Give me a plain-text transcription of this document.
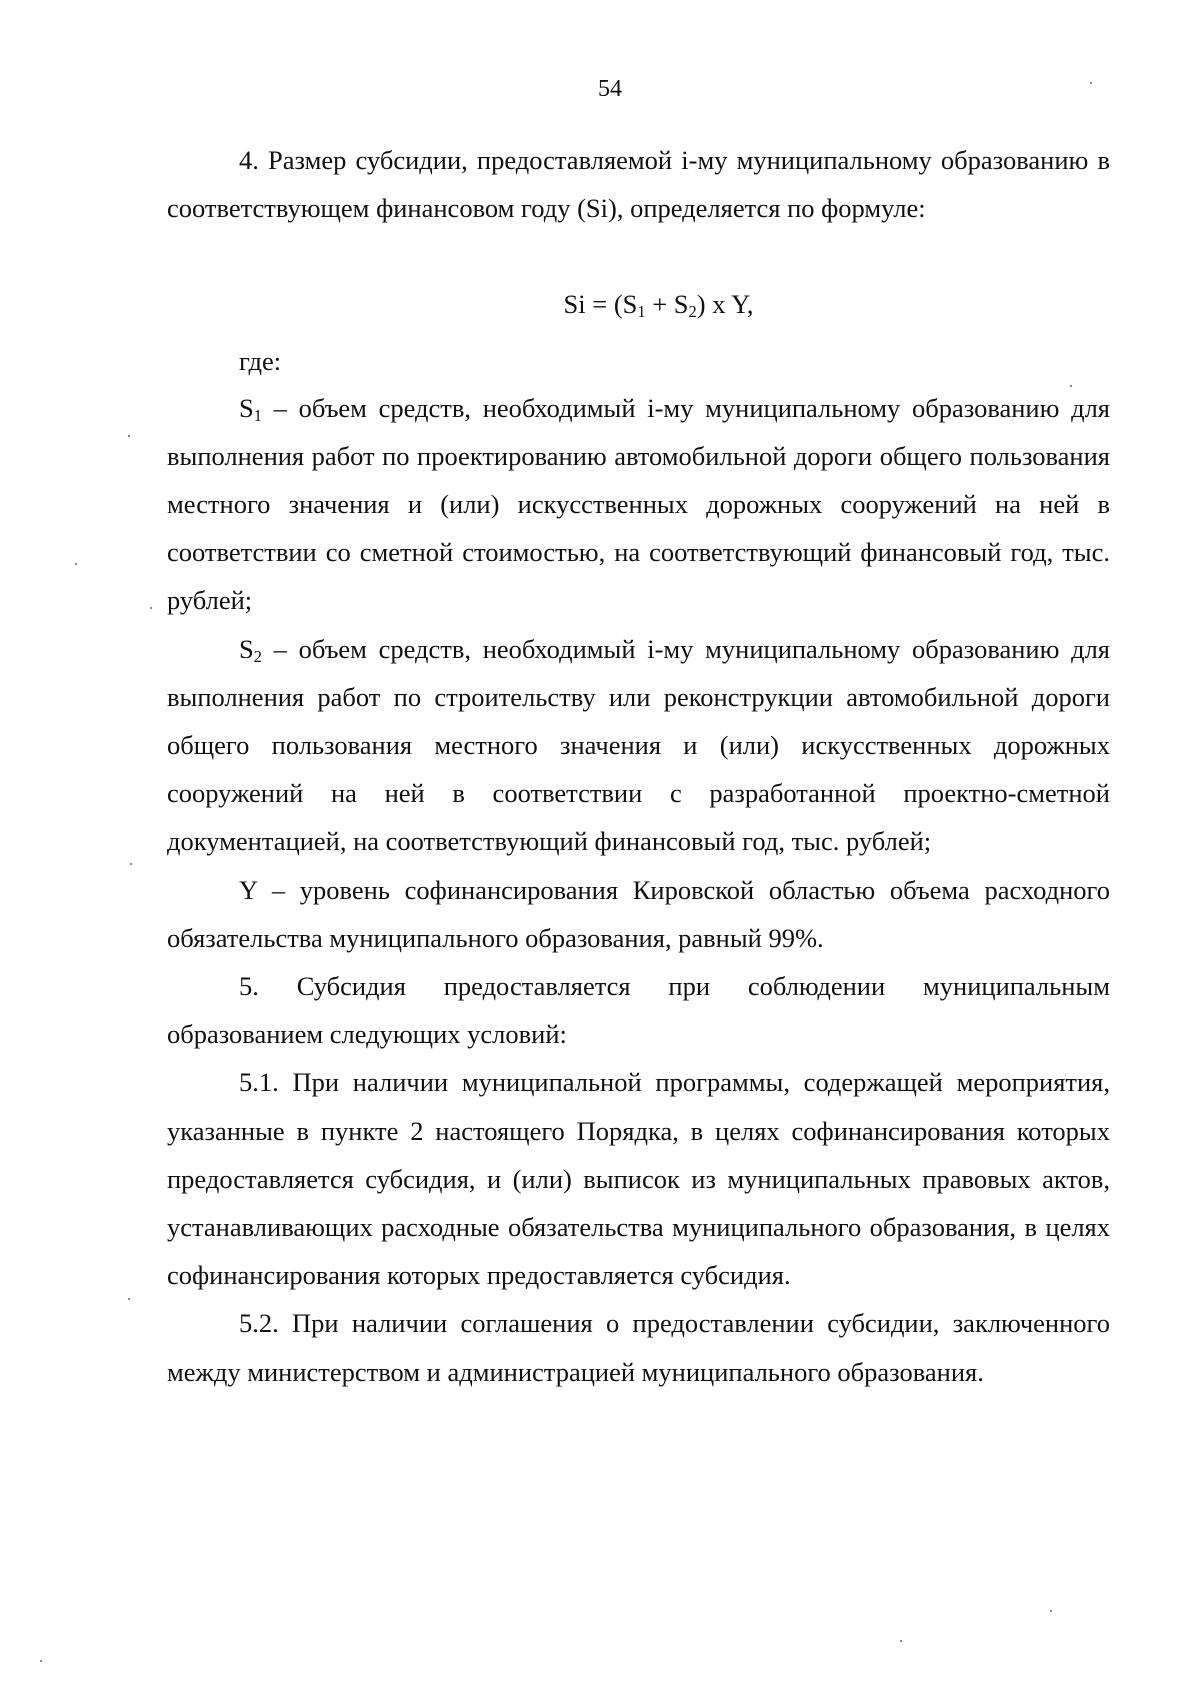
54

4. Размер субсидии, предоставляемой i-му муниципальному образованию в соответствующем финансовом году (Si), определяется по формуле:

$Si = (S_1 + S_2)$ x Y,

где:

$S_1$ – объем средств, необходимый i-му муниципальному образованию для выполнения работ по проектированию автомобильной дороги общего пользования местного значения и (или) искусственных дорожных сооружений на ней в соответствии со сметной стоимостью, на соответствующий финансовый год, тыс. рублей;

$S_2$ – объем средств, необходимый i-му муниципальному образованию для выполнения работ по строительству или реконструкции автомобильной дороги общего пользования местного значения и (или) искусственных дорожных сооружений на ней в соответствии с разработанной проектно-сметной документацией, на соответствующий финансовый год, тыс. рублей;

Y – уровень софинансирования Кировской областью объема расходного обязательства муниципального образования, равный 99%.

5. Субсидия предоставляется при соблюдении муниципальным образованием следующих условий:

5.1. При наличии муниципальной программы, содержащей мероприятия, указанные в пункте 2 настоящего Порядка, в целях софинансирования которых предоставляется субсидия, и (или) выписок из муниципальных правовых актов, устанавливающих расходные обязательства муниципального образования, в целях софинансирования которых предоставляется субсидия.

5.2. При наличии соглашения о предоставлении субсидии, заключенного между министерством и администрацией муниципального образования.
